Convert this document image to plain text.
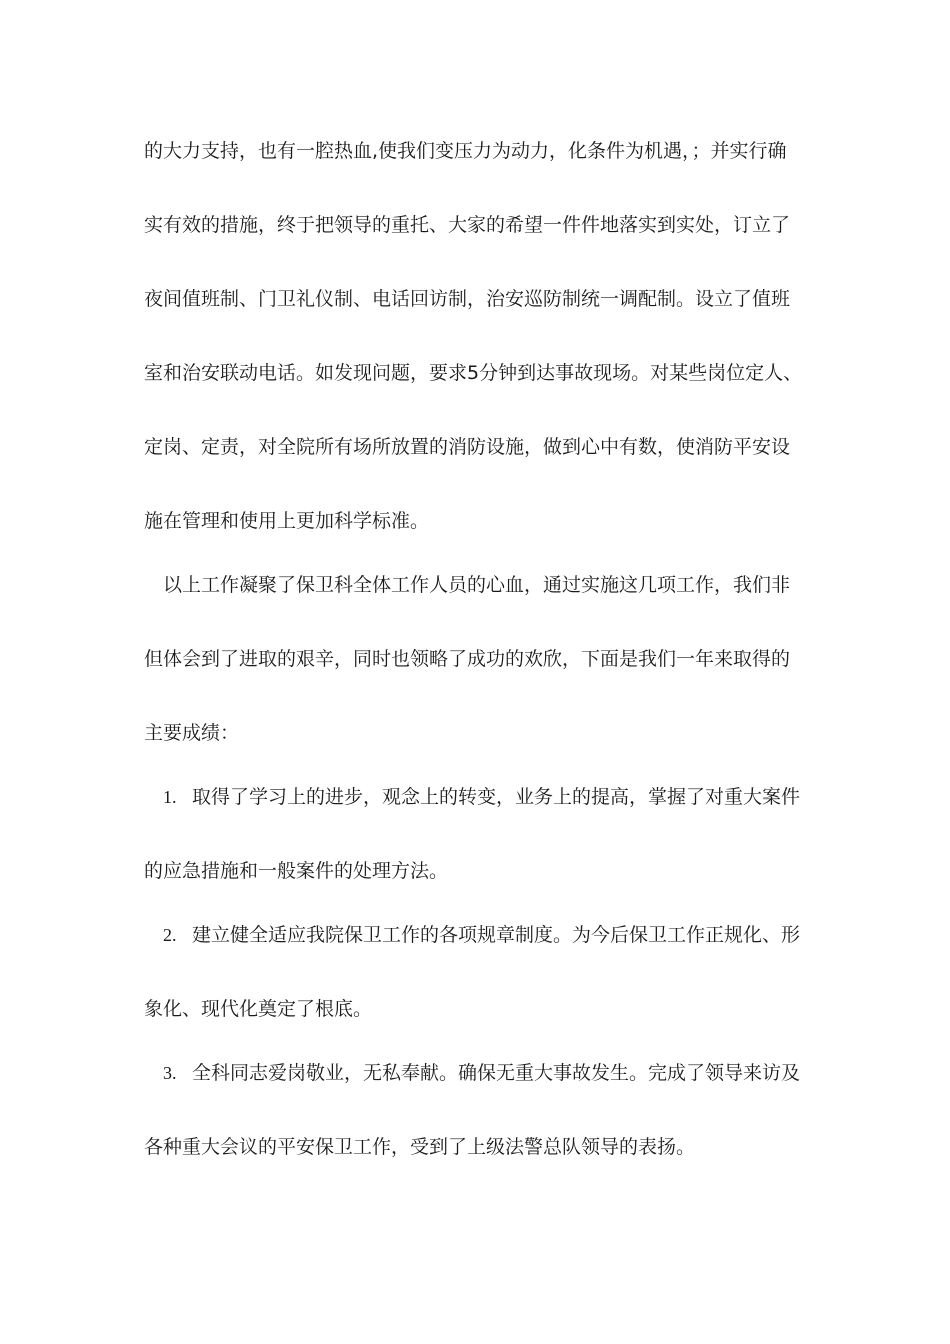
的大力支持，也有一腔热血,使我们变压力为动力，化条件为机遇，；并实行确
实有效的措施，终于把领导的重托、大家的希望一件件地落实到实处，订立了
夜间值班制、门卫礼仪制、电话回访制，治安巡防制统一调配制。设立了值班
室和治安联动电话。如发现问题，要求5分钟到达事故现场。对某些岗位定人、
定岗、定责，对全院所有场所放置的消防设施，做到心中有数，使消防平安设
施在管理和使用上更加科学标准。
以上工作凝聚了保卫科全体工作人员的心血，通过实施这几项工作，我们非
但体会到了进取的艰辛，同时也领略了成功的欢欣，下面是我们一年来取得的
主要成绩：
1. 取得了学习上的进步，观念上的转变，业务上的提高，掌握了对重大案件
的应急措施和一般案件的处理方法。
2. 建立健全适应我院保卫工作的各项规章制度。为今后保卫工作正规化、形
象化、现代化奠定了根底。
3. 全科同志爱岗敬业，无私奉献。确保无重大事故发生。完成了领导来访及
各种重大会议的平安保卫工作，受到了上级法警总队领导的表扬。
